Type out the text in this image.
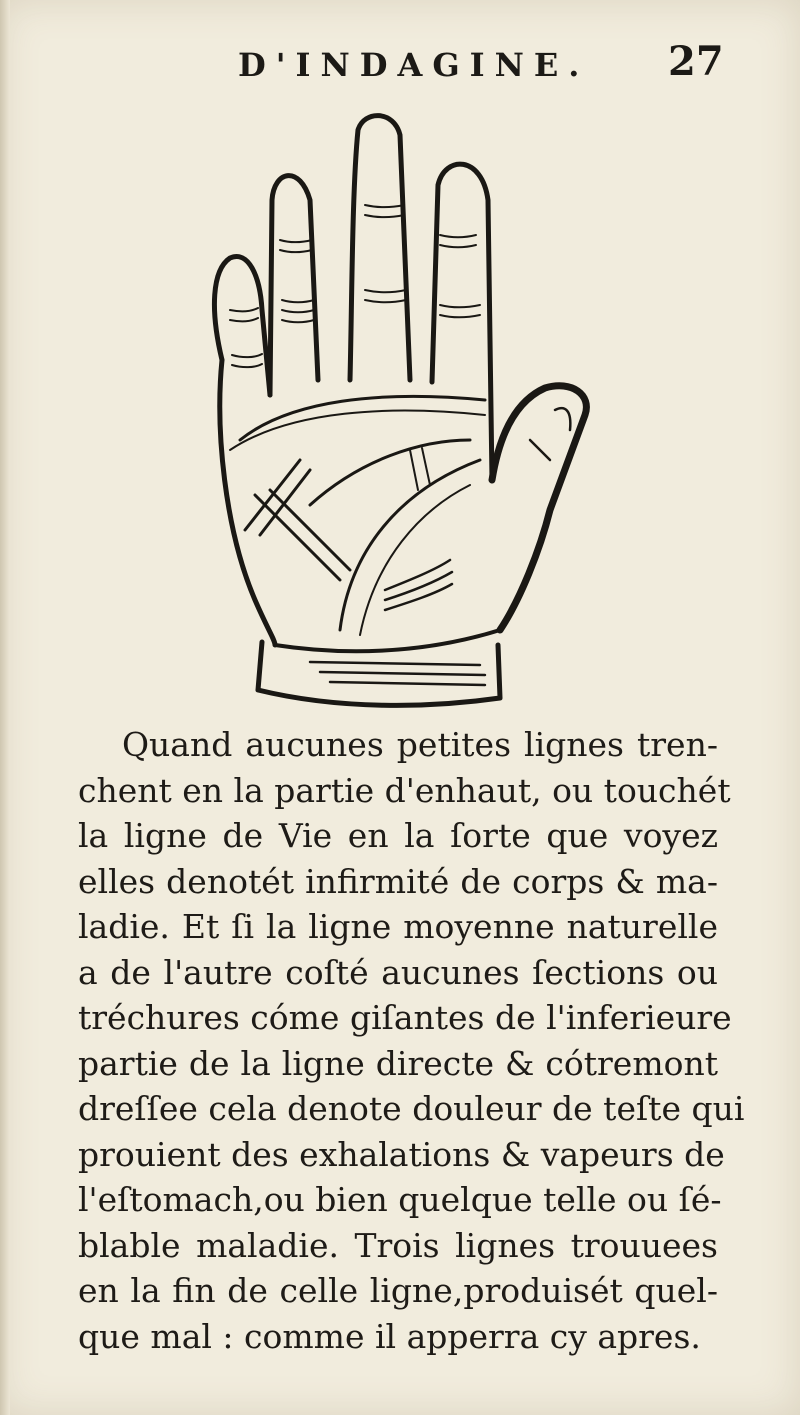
D'INDAGINE. 27
Quand aucunes petites lignes tren-
chent en la partie d'enhaut, ou touchét
la ligne de Vie en la ſorte que voyez
elles denotét infirmité de corps & ma-
ladie. Et ſi la ligne moyenne naturelle
a de l'autre coſté aucunes ſections ou
tréchures cóme giſantes de l'inferieure
partie de la ligne directe & cótremont
dreſſee cela denote douleur de teſte qui
prouient des exhalations & vapeurs de
l'eſtomach,ou bien quelque telle ou ſé-
blable maladie. Trois lignes trouuees
en la fin de celle ligne,produisét quel-
que mal : comme il apperra cy apres.
